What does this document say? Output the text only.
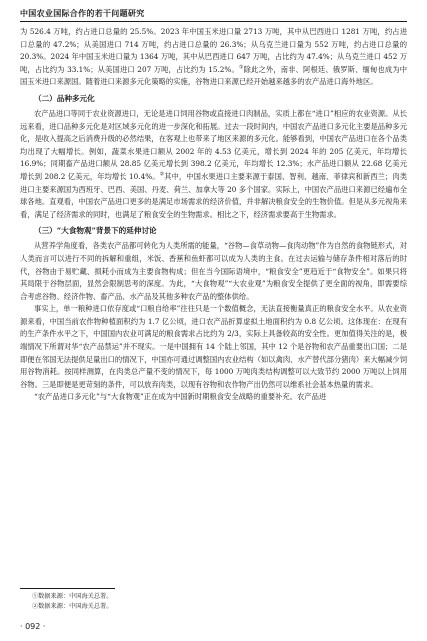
中国农业国际合作的若干问题研究

为 526.4 万吨，约占进口总量的 25.5%。2023 年中国玉米进口量 2713 万吨，其中从巴西进口 1281 万吨，约占进口总量的 47.2%；从美国进口 714 万吨，约占进口总量的 26.3%；从乌克兰进口量为 552 万吨，约占进口总量的 20.3%。2024 年中国玉米进口量为 1364 万吨，其中从巴西进口 647 万吨，占比约为 47.4%；从乌克兰进口 452 万吨，占比约为 33.1%；从美国进口 207 万吨，占比约为 15.2%。①除此之外，南非、阿根廷、俄罗斯、缅甸也成为中国玉米进口来源国。随着进口来源多元化策略的实施，谷物进口来源已经开始越来越多的农产品进口海外地区。

（二）品种多元化

农产品进口等同于农业资源进口，无论是进口饲用谷物或直接进口肉制品，实质上都在“进口”相应的农业资源。从长远来看，进口品种多元化是对区域多元化的进一步深化和拓展。过去一段时间内，中国农产品进口多元化主要是品种多元化，是收入提高之后消费升级的必然结果，在客观上也带来了地区来源的多元化。能够看到，中国农产品进口在各个品类均出现了大幅增长。例如，蔬菜水果进口额从 2002 年的 4.53 亿美元，增长到 2024 年的 205 亿美元，年均增长 16.9%；同期畜产品进口额从 28.85 亿美元增长到 398.2 亿美元，年均增长 12.3%；水产品进口额从 22.68 亿美元增长到 208.2 亿美元，年均增长 10.4%。②其中，中国水果进口主要来源于泰国、智利、越南、菲律宾和新西兰；肉类进口主要来源国为西班牙、巴西、美国、丹麦、荷兰、加拿大等 20 多个国家。实际上，中国农产品进口来源已经遍布全球各地。直观看，中国农产品进口更多的是满足市场需求的经济价值，并非解决粮食安全的生物价值。但是从多元视角来看，满足了经济需求的同时，也满足了粮食安全的生物需求。相比之下，经济需求要高于生物需求。

（三）“大食物观”背景下的延伸讨论

从营养学角度看，各类农产品都可转化为人类所需的能量，“谷物—食草动物—食肉动物”作为自然的食物链形式，对人类而言可以进行不同的拆解和重组，米饭、香蕉和鱼虾都可以成为人类的主食。在过去运输与储存条件相对落后的时代，谷物由于易贮藏、损耗小而成为主要食物构成；但在当今国际语境中，“粮食安全”更趋近于“食物安全”。如果只将其局限于谷物层面，显然会限制思考的深度。为此，“大食物观”“大农业观”为粮食安全提供了更全面的视角，即需要综合考虑谷物、经济作物、畜产品、水产品及其他多种农产品的整体供给。

事实上，单一粮种进口依存度或“口粮自给率”往往只是一个数值概念，无法直接衡量真正的粮食安全水平。从农业资源来看，中国当前农作物种植面积约为 1.7 亿公顷，进口农产品折算虚拟土地面积约为 0.8 亿公顷。这体现在：在现有的生产条件水平之下，中国国内农业可满足的粮食需求占比约为 2/3，实际上具备较高的安全性。更加值得关注的是，极端情况下所谓对华“农产品禁运”并不现实。一是中国拥有 14 个陆上邻国，其中 12 个是谷物和农产品重要出口国；二是即便在邻国无法提供足量出口的情况下，中国亦可通过调整国内农业结构（如以禽肉、水产替代部分猪肉）来大幅减少饲用谷物消耗。按同样测算，在肉类总产量不变的情况下，每 1000 万吨肉类结构调整可以大致节约 2000 万吨以上饲用谷物。三是即便是更苛刻的条件，可以放弃肉类，以现有谷物和农作物产出仍然可以维系社会基本热量的需求。

“农产品进口多元化”与“大食物观”正在成为中国新时期粮食安全战略的重要补充。农产品进

①数据来源：中国海关总署。
②数据来源：中国海关总署。
· 092 ·
